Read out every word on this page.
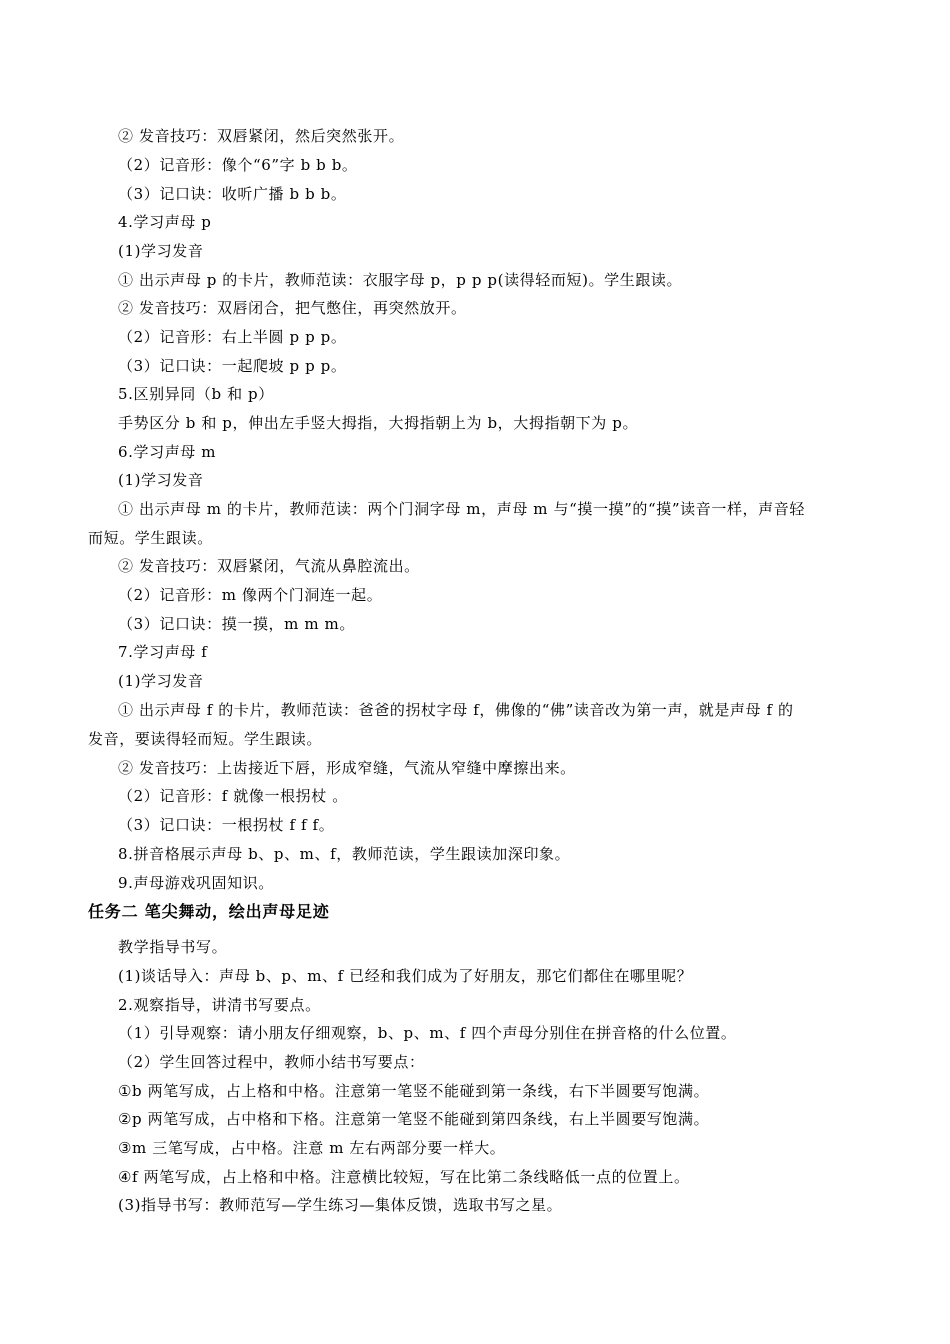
② 发音技巧：双唇紧闭，然后突然张开。
（2）记音形：像个“6”字 b b b。
（3）记口诀：收听广播 b b b。
4.学习声母 p
(1)学习发音
① 出示声母 p 的卡片，教师范读：衣服字母 p，p p p(读得轻而短)。学生跟读。
② 发音技巧：双唇闭合，把气憋住，再突然放开。
（2）记音形：右上半圆 p p p。
（3）记口诀：一起爬坡 p p p。
5.区别异同（b 和 p）
手势区分 b 和 p，伸出左手竖大拇指，大拇指朝上为 b，大拇指朝下为 p。
6.学习声母 m
(1)学习发音
① 出示声母 m 的卡片，教师范读：两个门洞字母 m，声母 m 与“摸一摸”的“摸”读音一样，声音轻
而短。学生跟读。
② 发音技巧：双唇紧闭，气流从鼻腔流出。
（2）记音形：m 像两个门洞连一起。
（3）记口诀：摸一摸，m m m。
7.学习声母 f
(1)学习发音
① 出示声母 f 的卡片，教师范读：爸爸的拐杖字母 f，佛像的“佛”读音改为第一声，就是声母 f 的
发音，要读得轻而短。学生跟读。
② 发音技巧：上齿接近下唇，形成窄缝，气流从窄缝中摩擦出来。
（2）记音形：f 就像一根拐杖 。
（3）记口诀：一根拐杖 f f f。
8.拼音格展示声母 b、p、m、f，教师范读，学生跟读加深印象。
9.声母游戏巩固知识。
任务二 笔尖舞动，绘出声母足迹
教学指导书写。
(1)谈话导入：声母 b、p、m、f 已经和我们成为了好朋友，那它们都住在哪里呢？
2.观察指导，讲清书写要点。
（1）引导观察：请小朋友仔细观察，b、p、m、f 四个声母分别住在拼音格的什么位置。
（2）学生回答过程中，教师小结书写要点：
①b 两笔写成，占上格和中格。注意第一笔竖不能碰到第一条线，右下半圆要写饱满。
②p 两笔写成，占中格和下格。注意第一笔竖不能碰到第四条线，右上半圆要写饱满。
③m 三笔写成，占中格。注意 m 左右两部分要一样大。
④f 两笔写成，占上格和中格。注意横比较短，写在比第二条线略低一点的位置上。
(3)指导书写：教师范写—学生练习—集体反馈，选取书写之星。
